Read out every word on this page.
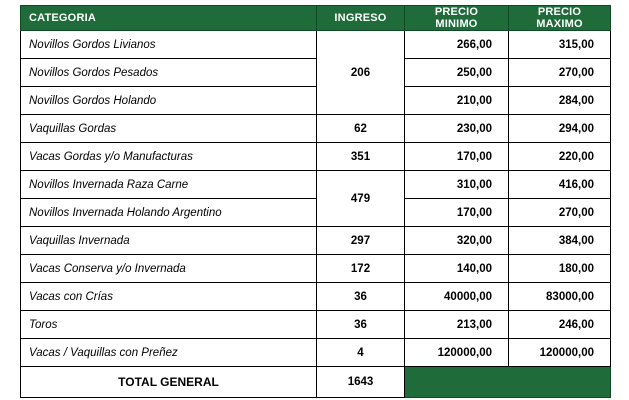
CATEGORIA	INGRESO	PRECIO MINIMO	PRECIO MAXIMO
Novillos Gordos Livianos	206	266,00	315,00
Novillos Gordos Pesados		250,00	270,00
Novillos Gordos Holando		210,00	284,00
Vaquillas Gordas	62	230,00	294,00
Vacas Gordas y/o Manufacturas	351	170,00	220,00
Novillos Invernada Raza Carne	479	310,00	416,00
Novillos Invernada Holando Argentino		170,00	270,00
Vaquillas Invernada	297	320,00	384,00
Vacas Conserva y/o Invernada	172	140,00	180,00
Vacas con Crías	36	40000,00	83000,00
Toros	36	213,00	246,00
Vacas / Vaquillas con Preñez	4	120000,00	120000,00
TOTAL GENERAL	1643		
